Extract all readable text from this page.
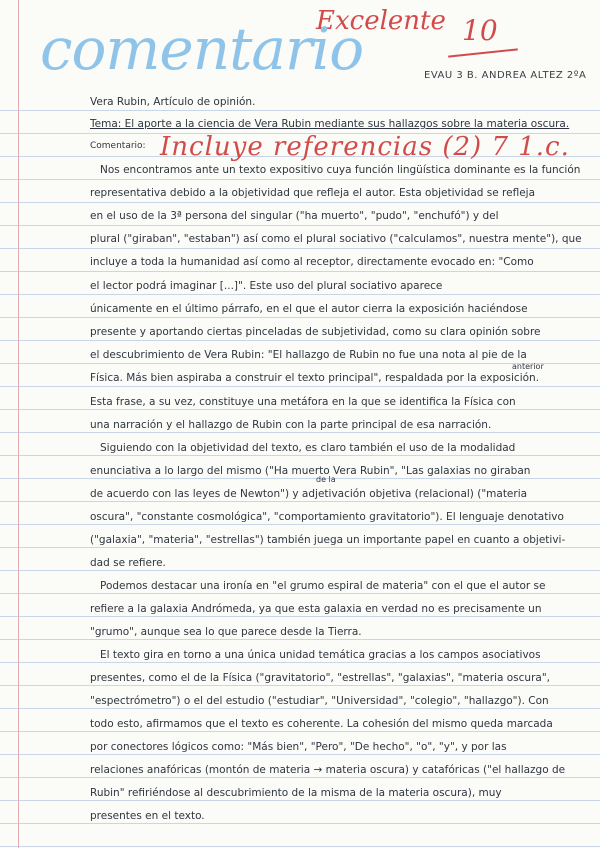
Excelente 10
comentario	EVAU 3 B. ANDREA ALTEZ 2ºA
Incluye referencias (2) 7 1.c.
Vera Rubin, Artículo de opinión.
Tema: El aporte a la ciencia de Vera Rubin mediante sus hallazgos sobre la materia oscura.
Comentario:
Nos encontramos ante un texto expositivo cuya función lingüística dominante es la función
representativa debido a la objetividad que refleja el autor. Esta objetividad se refleja
en el uso de la 3ª persona del singular ("ha muerto", "pudo", "enchufó") y del
plural ("giraban", "estaban") así como el plural sociativo ("calculamos", nuestra mente"), que
incluye a toda la humanidad así como al receptor, directamente evocado en: "Como
el lector podrá imaginar [...]". Este uso del plural sociativo aparece
únicamente en el último párrafo, en el que el autor cierra la exposición haciéndose
presente y aportando ciertas pinceladas de subjetividad, como su clara opinión sobre
el descubrimiento de Vera Rubin: "El hallazgo de Rubin no fue una nota al pie de la
Física. Más bien aspiraba a construir el texto principal", respaldada por la exposición.
Esta frase, a su vez, constituye una metáfora en la que se identifica la Física con
una narración y el hallazgo de Rubin con la parte principal de esa narración.
Siguiendo con la objetividad del texto, es claro también el uso de la modalidad
enunciativa a lo largo del mismo ("Ha muerto Vera Rubin", "Las galaxias no giraban
de acuerdo con las leyes de Newton") y adjetivación objetiva (relacional) ("materia
oscura", "constante cosmológica", "comportamiento gravitatorio"). El lenguaje denotativo
("galaxia", "materia", "estrellas") también juega un importante papel en cuanto a objetivi-
dad se refiere.
Podemos destacar una ironía en "el grumo espiral de materia" con el que el autor se
refiere a la galaxia Andrómeda, ya que esta galaxia en verdad no es precisamente un
"grumo", aunque sea lo que parece desde la Tierra.
El texto gira en torno a una única unidad temática gracias a los campos asociativos
presentes, como el de la Física ("gravitatorio", "estrellas", "galaxias", "materia oscura",
"espectrómetro") o el del estudio ("estudiar", "Universidad", "colegio", "hallazgo"). Con
todo esto, afirmamos que el texto es coherente. La cohesión del mismo queda marcada
por conectores lógicos como: "Más bien", "Pero", "De hecho", "o", "y", y por las
relaciones anafóricas (montón de materia → materia oscura) y catafóricas ("el hallazgo de
Rubin" refiriéndose al descubrimiento de la misma de la materia oscura), muy
presentes en el texto.
anterior
de la
